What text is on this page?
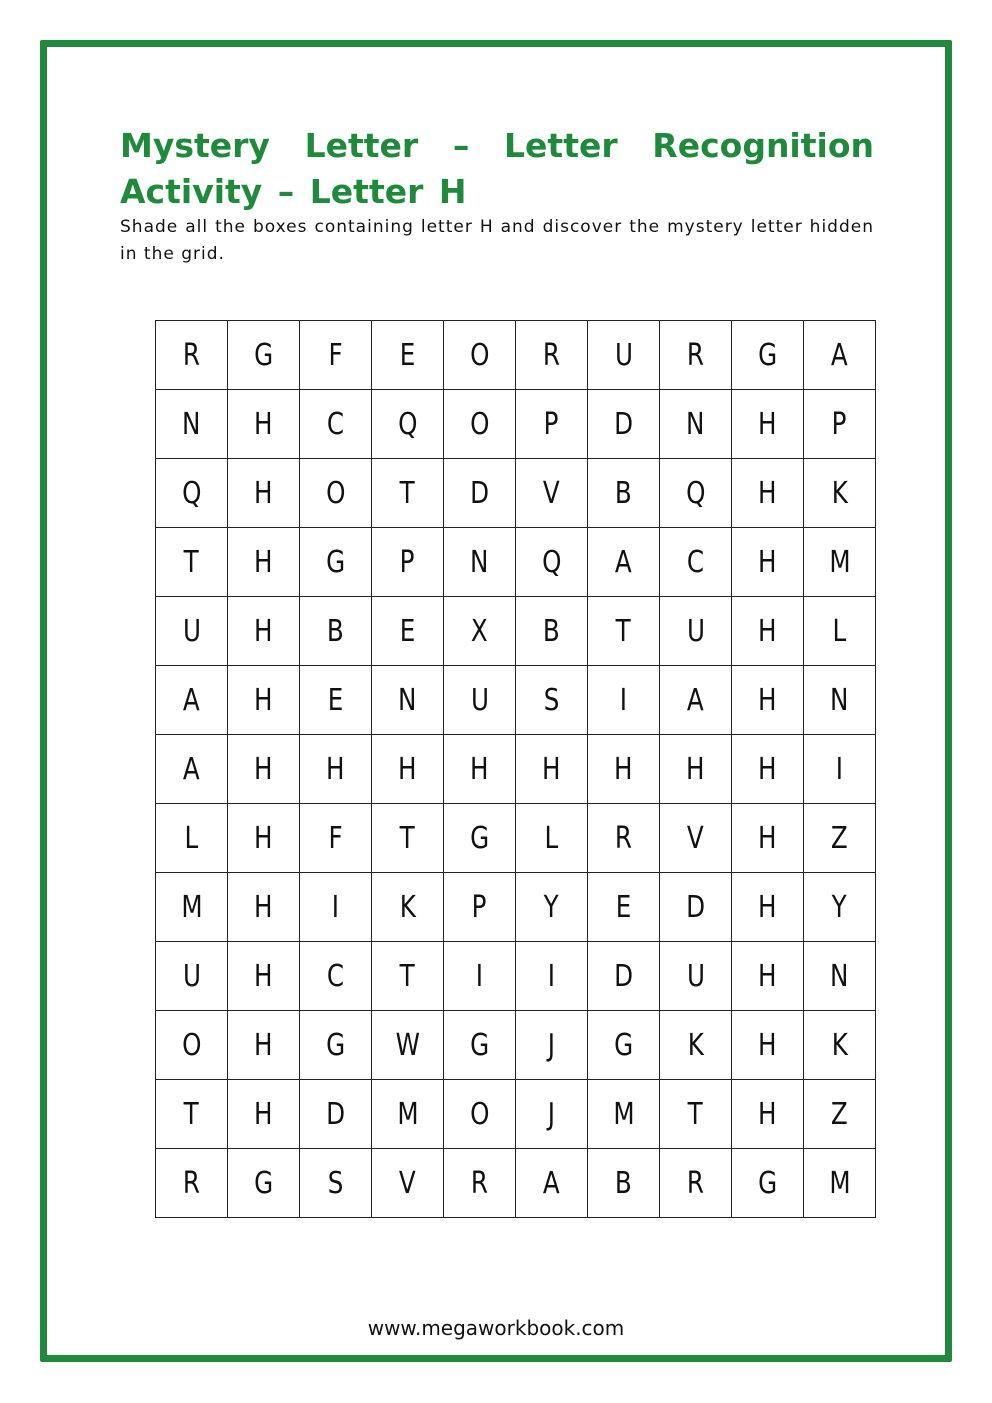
Mystery Letter – Letter Recognition Activity – Letter H

Shade all the boxes containing letter H and discover the mystery letter hidden in the grid.

R	G	F	E	O	R	U	R	G	A
N	H	C	Q	O	P	D	N	H	P
Q	H	O	T	D	V	B	Q	H	K
T	H	G	P	N	Q	A	C	H	M
U	H	B	E	X	B	T	U	H	L
A	H	E	N	U	S	I	A	H	N
A	H	H	H	H	H	H	H	H	I
L	H	F	T	G	L	R	V	H	Z
M	H	I	K	P	Y	E	D	H	Y
U	H	C	T	I	I	D	U	H	N
O	H	G	W	G	J	G	K	H	K
T	H	D	M	O	J	M	T	H	Z
R	G	S	V	R	A	B	R	G	M
www.megaworkbook.com
